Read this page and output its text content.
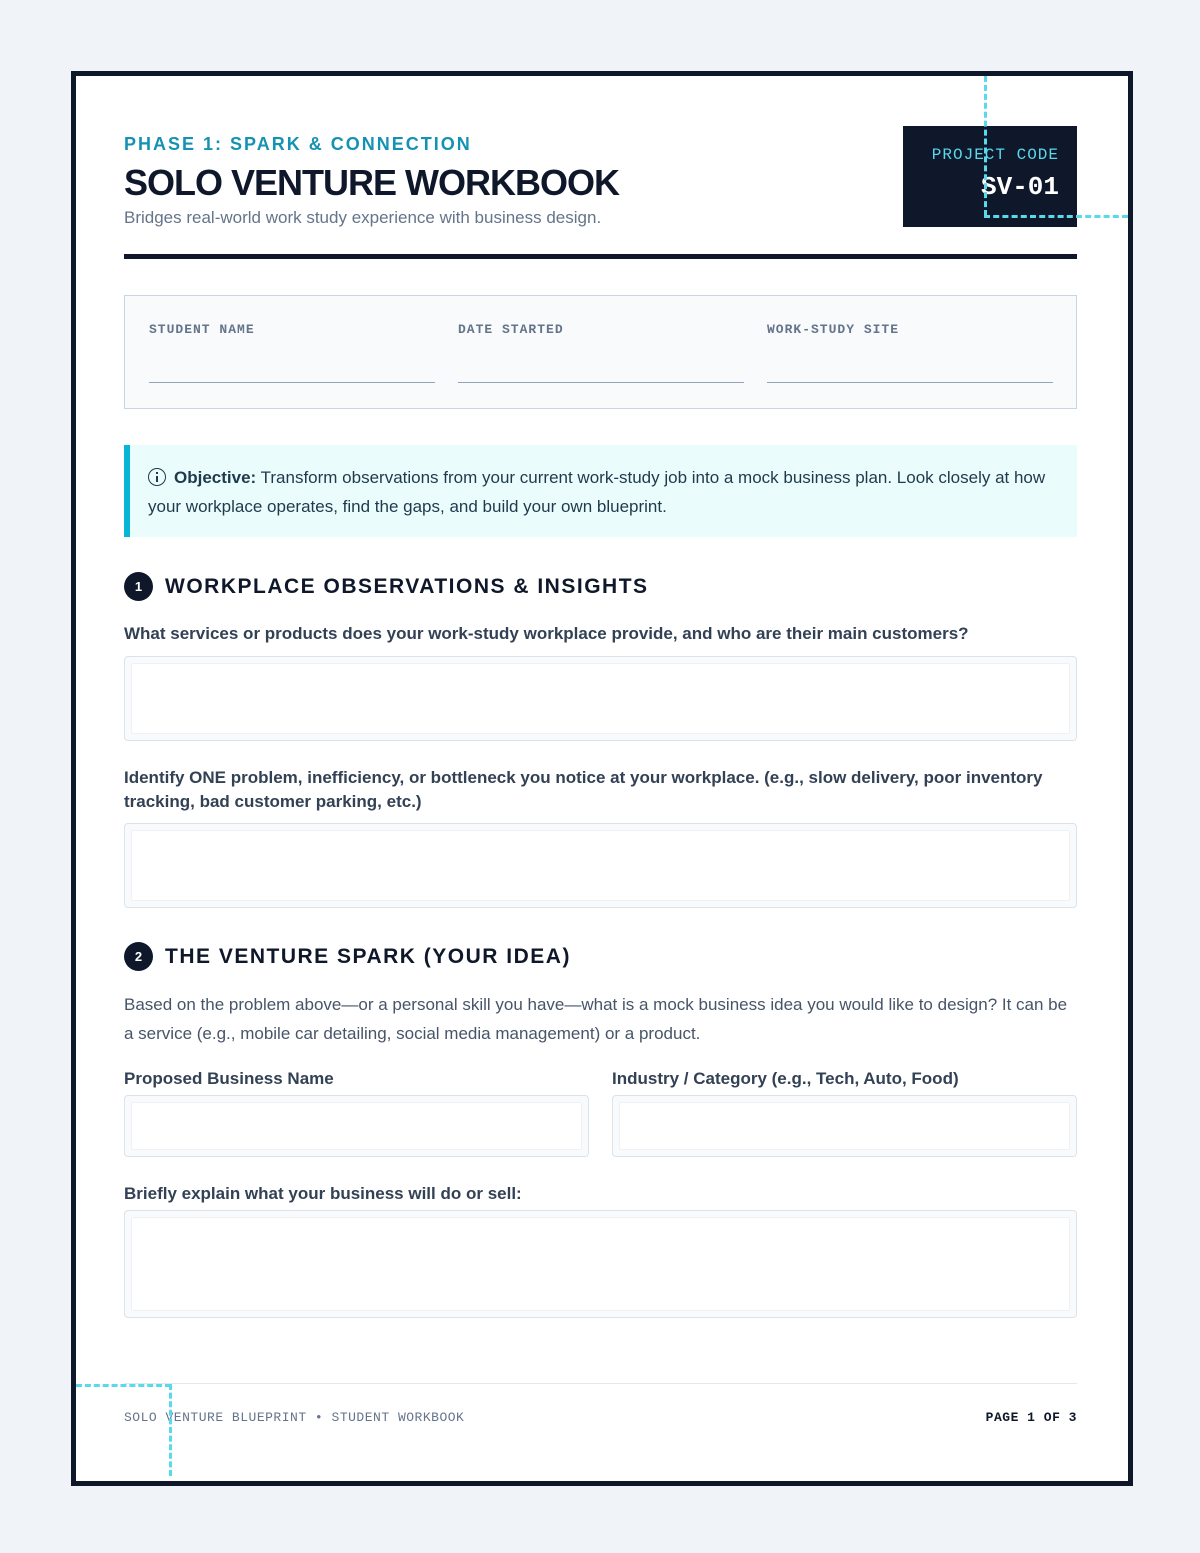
PHASE 1: SPARK & CONNECTION
SOLO VENTURE WORKBOOK
Bridges real-world work study experience with business design.
PROJECT CODE
SV-01
STUDENT NAME	DATE STARTED	WORK-STUDY SITE
Objective: Transform observations from your current work-study job into a mock business plan. Look closely at how your workplace operates, find the gaps, and build your own blueprint.
1	WORKPLACE OBSERVATIONS & INSIGHTS
What services or products does your work-study workplace provide, and who are their main customers?
Identify ONE problem, inefficiency, or bottleneck you notice at your workplace. (e.g., slow delivery, poor inventory tracking, bad customer parking, etc.)
2	THE VENTURE SPARK (YOUR IDEA)
Based on the problem above—or a personal skill you have—what is a mock business idea you would like to design? It can be a service (e.g., mobile car detailing, social media management) or a product.
Proposed Business Name	Industry / Category (e.g., Tech, Auto, Food)
Briefly explain what your business will do or sell:
SOLO VENTURE BLUEPRINT • STUDENT WORKBOOK	PAGE 1 OF 3
